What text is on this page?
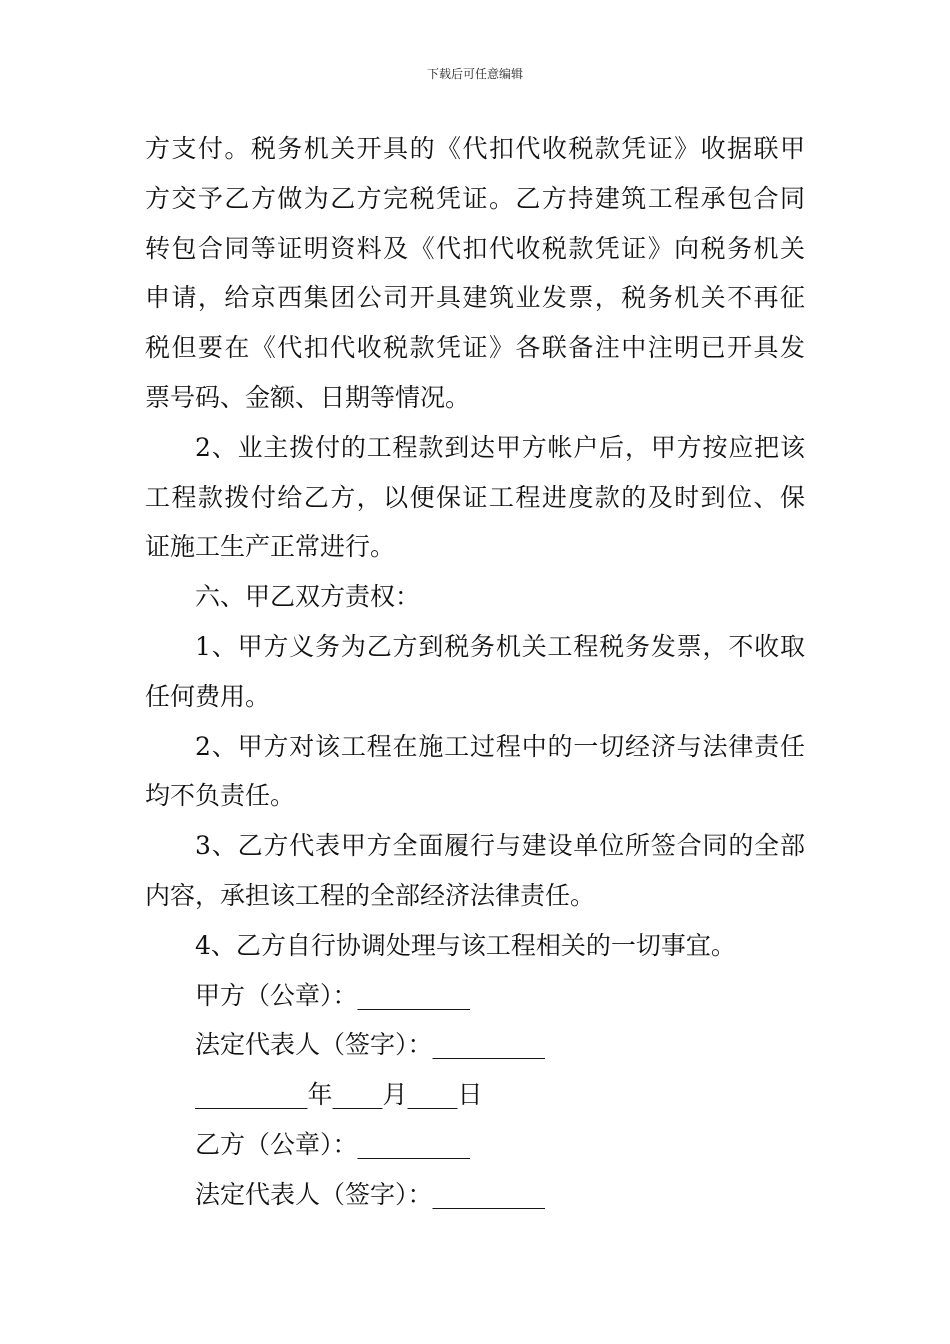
下载后可任意编辑
方支付。税务机关开具的《代扣代收税款凭证》收据联甲
方交予乙方做为乙方完税凭证。乙方持建筑工程承包合同
转包合同等证明资料及《代扣代收税款凭证》向税务机关
申请，给京西集团公司开具建筑业发票，税务机关不再征
税但要在《代扣代收税款凭证》各联备注中注明已开具发
票号码、金额、日期等情况。
2、业主拨付的工程款到达甲方帐户后，甲方按应把该
工程款拨付给乙方，以便保证工程进度款的及时到位、保
证施工生产正常进行。
六、甲乙双方责权：
1、甲方义务为乙方到税务机关工程税务发票，不收取
任何费用。
2、甲方对该工程在施工过程中的一切经济与法律责任
均不负责任。
3、乙方代表甲方全面履行与建设单位所签合同的全部
内容，承担该工程的全部经济法律责任。
4、乙方自行协调处理与该工程相关的一切事宜。
甲方（公章）：_________
法定代表人（签字）：_________
_________年____月____日
乙方（公章）：_________
法定代表人（签字）：_________
